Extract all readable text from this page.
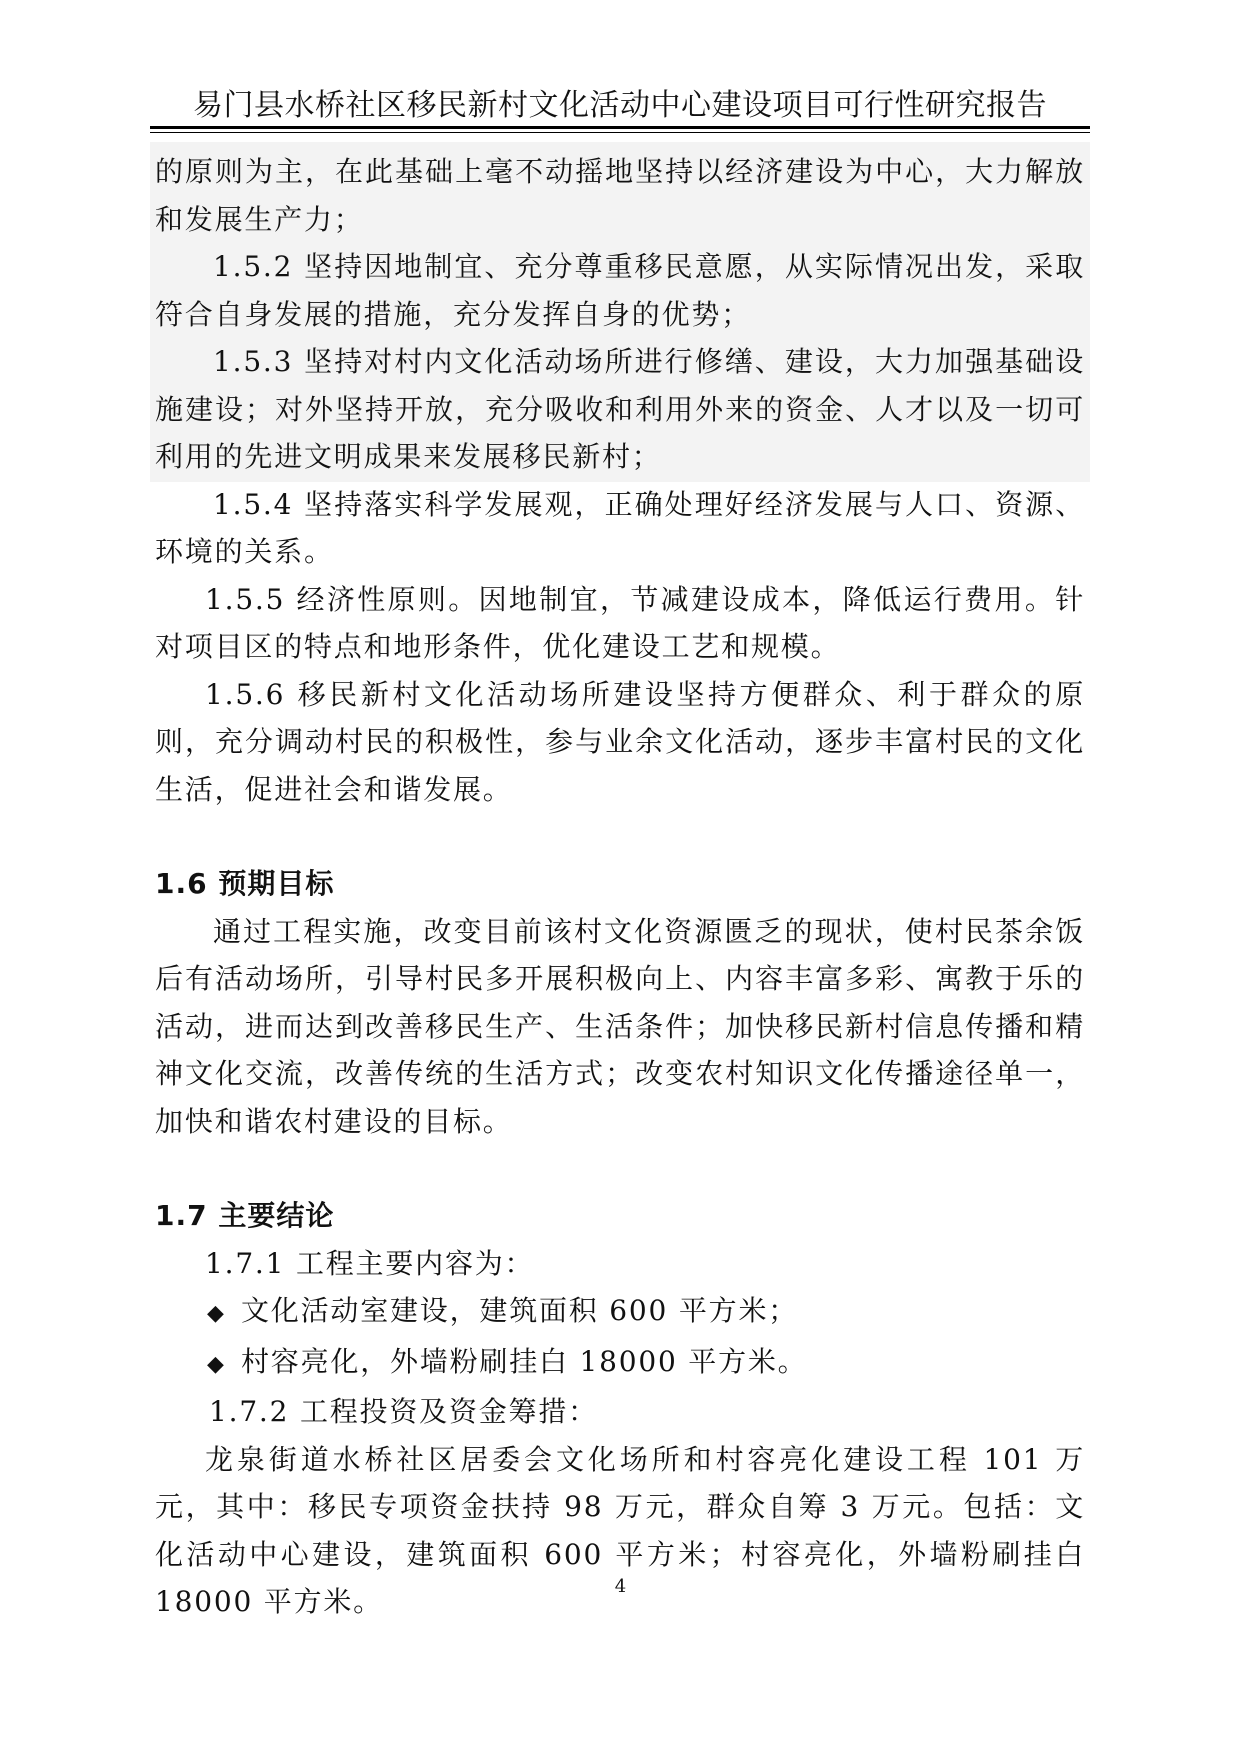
易门县水桥社区移民新村文化活动中心建设项目可行性研究报告

的原则为主，在此基础上毫不动摇地坚持以经济建设为中心，大力解放和发展生产力；

1.5.2 坚持因地制宜、充分尊重移民意愿，从实际情况出发，采取符合自身发展的措施，充分发挥自身的优势；

1.5.3 坚持对村内文化活动场所进行修缮、建设，大力加强基础设施建设；对外坚持开放，充分吸收和利用外来的资金、人才以及一切可利用的先进文明成果来发展移民新村；

1.5.4 坚持落实科学发展观，正确处理好经济发展与人口、资源、环境的关系。

1.5.5 经济性原则。因地制宜，节减建设成本，降低运行费用。针对项目区的特点和地形条件，优化建设工艺和规模。

1.5.6 移民新村文化活动场所建设坚持方便群众、利于群众的原则，充分调动村民的积极性，参与业余文化活动，逐步丰富村民的文化生活，促进社会和谐发展。

1.6 预期目标

通过工程实施，改变目前该村文化资源匮乏的现状，使村民茶余饭后有活动场所，引导村民多开展积极向上、内容丰富多彩、寓教于乐的活动，进而达到改善移民生产、生活条件；加快移民新村信息传播和精神文化交流，改善传统的生活方式；改变农村知识文化传播途径单一，加快和谐农村建设的目标。

1.7 主要结论

1.7.1 工程主要内容为：

◆ 文化活动室建设，建筑面积 600 平方米；

◆ 村容亮化，外墙粉刷挂白 18000 平方米。

1.7.2 工程投资及资金筹措：

龙泉街道水桥社区居委会文化场所和村容亮化建设工程 101 万元，其中：移民专项资金扶持 98 万元，群众自筹 3 万元。包括：文化活动中心建设，建筑面积 600 平方米；村容亮化，外墙粉刷挂白 18000 平方米。	4
